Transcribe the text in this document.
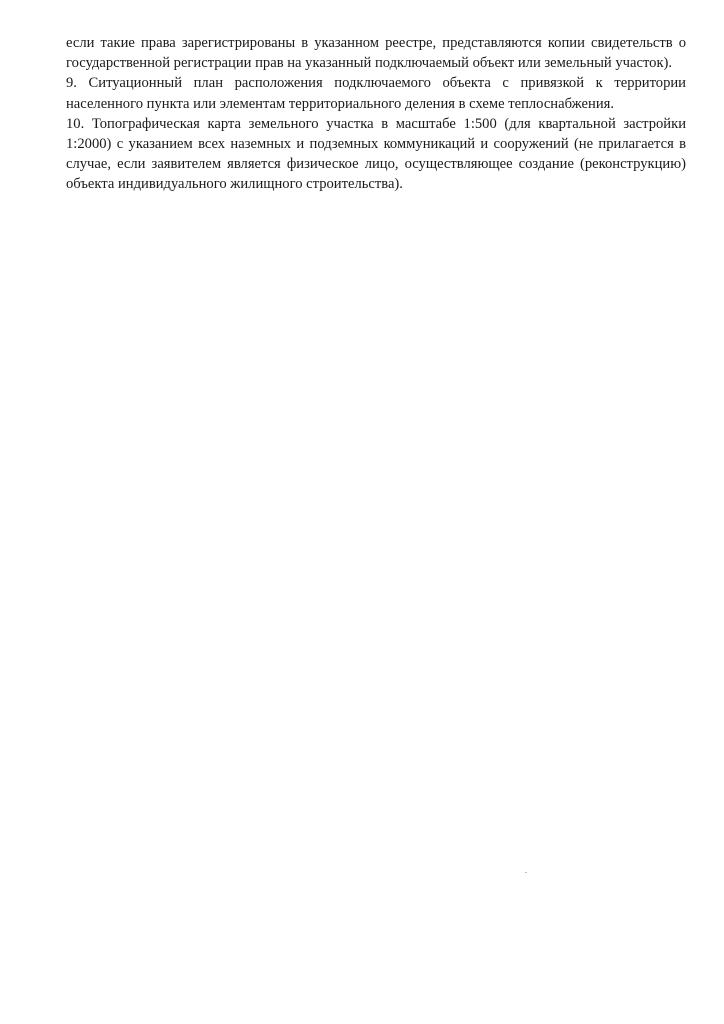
если такие права зарегистрированы в указанном реестре, представляются копии свидетельств о государственной регистрации прав на указанный подключаемый объект или земельный участок).

9. Ситуационный план расположения подключаемого объекта с привязкой к территории населенного пункта или элементам территориального деления в схеме теплоснабжения.

10. Топографическая карта земельного участка в масштабе 1:500 (для квартальной застройки 1:2000) с указанием всех наземных и подземных коммуникаций и сооружений (не прилагается в случае, если заявителем является физическое лицо, осуществляющее создание (реконструкцию) объекта индивидуального жилищного строительства).
